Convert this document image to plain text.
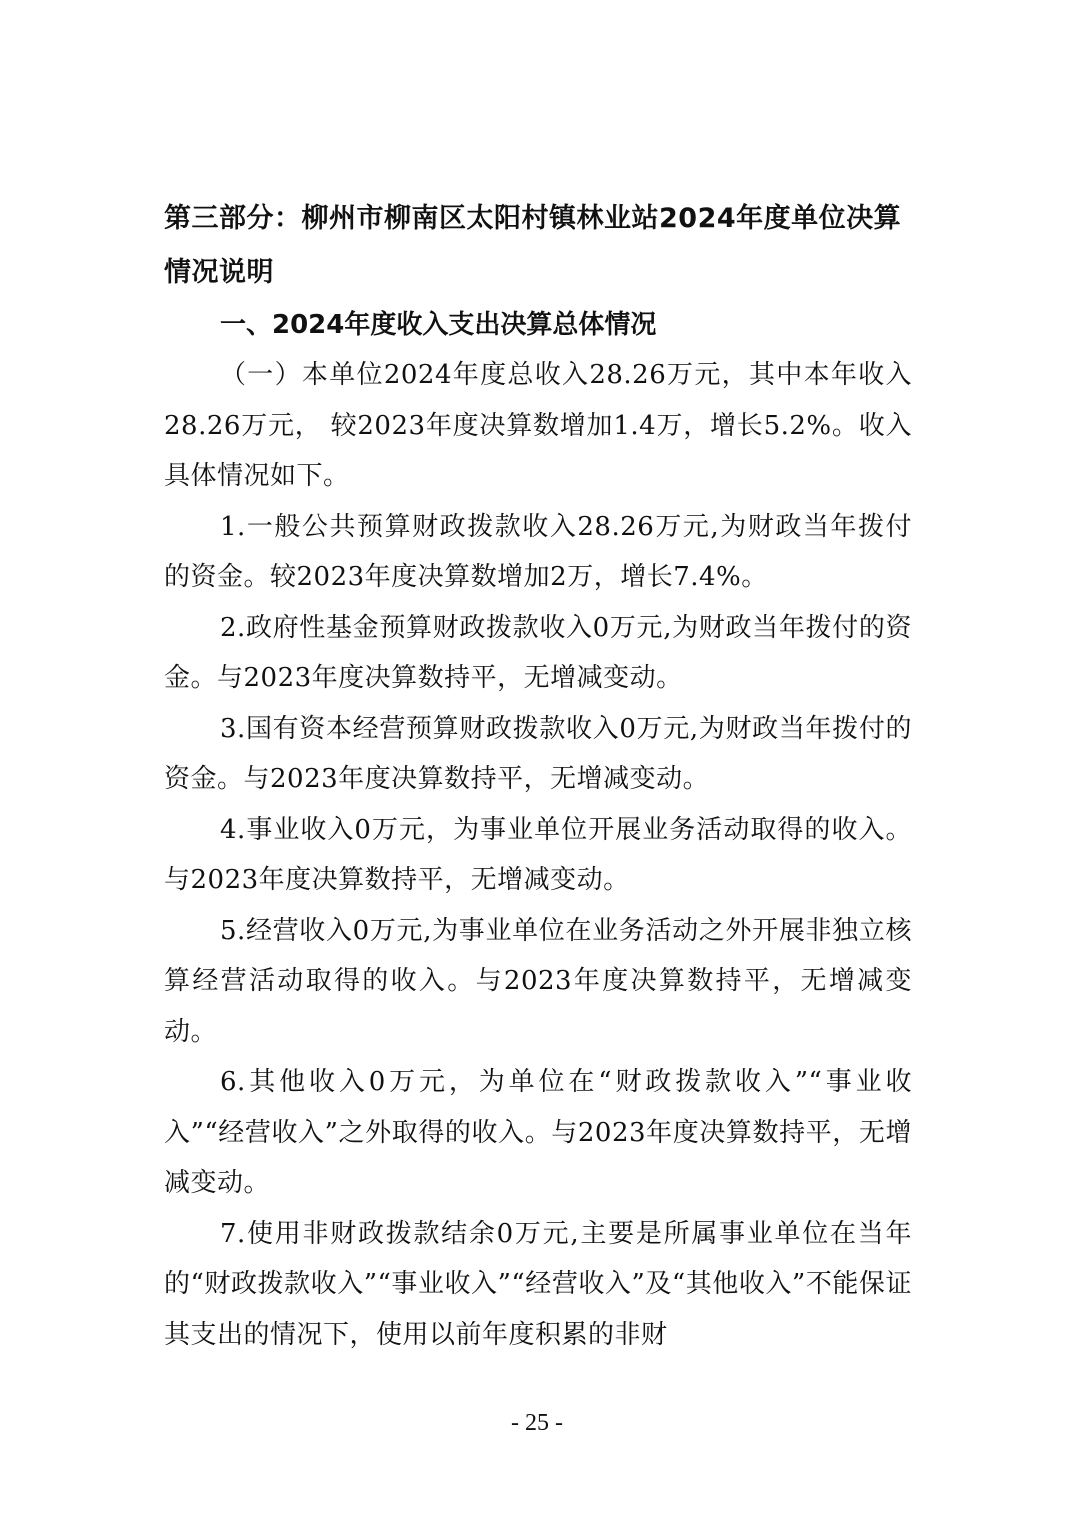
第三部分：柳州市柳南区太阳村镇林业站2024年度单位决算情况说明

一、2024年度收入支出决算总体情况

（一）本单位2024年度总收入28.26万元，其中本年收入28.26万元， 较2023年度决算数增加1.4万，增长5.2%。收入具体情况如下。

1.一般公共预算财政拨款收入28.26万元,为财政当年拨付的资金。较2023年度决算数增加2万，增长7.4%。

2.政府性基金预算财政拨款收入0万元,为财政当年拨付的资金。与2023年度决算数持平，无增减变动。

3.国有资本经营预算财政拨款收入0万元,为财政当年拨付的资金。与2023年度决算数持平，无增减变动。

4.事业收入0万元，为事业单位开展业务活动取得的收入。与2023年度决算数持平，无增减变动。

5.经营收入0万元,为事业单位在业务活动之外开展非独立核算经营活动取得的收入。与2023年度决算数持平，无增减变动。

6.其他收入0万元，为单位在“财政拨款收入”“事业收入”“经营收入”之外取得的收入。与2023年度决算数持平，无增减变动。

7.使用非财政拨款结余0万元,主要是所属事业单位在当年的“财政拨款收入”“事业收入”“经营收入”及“其他收入”不能保证其支出的情况下，使用以前年度积累的非财

- 25 -
